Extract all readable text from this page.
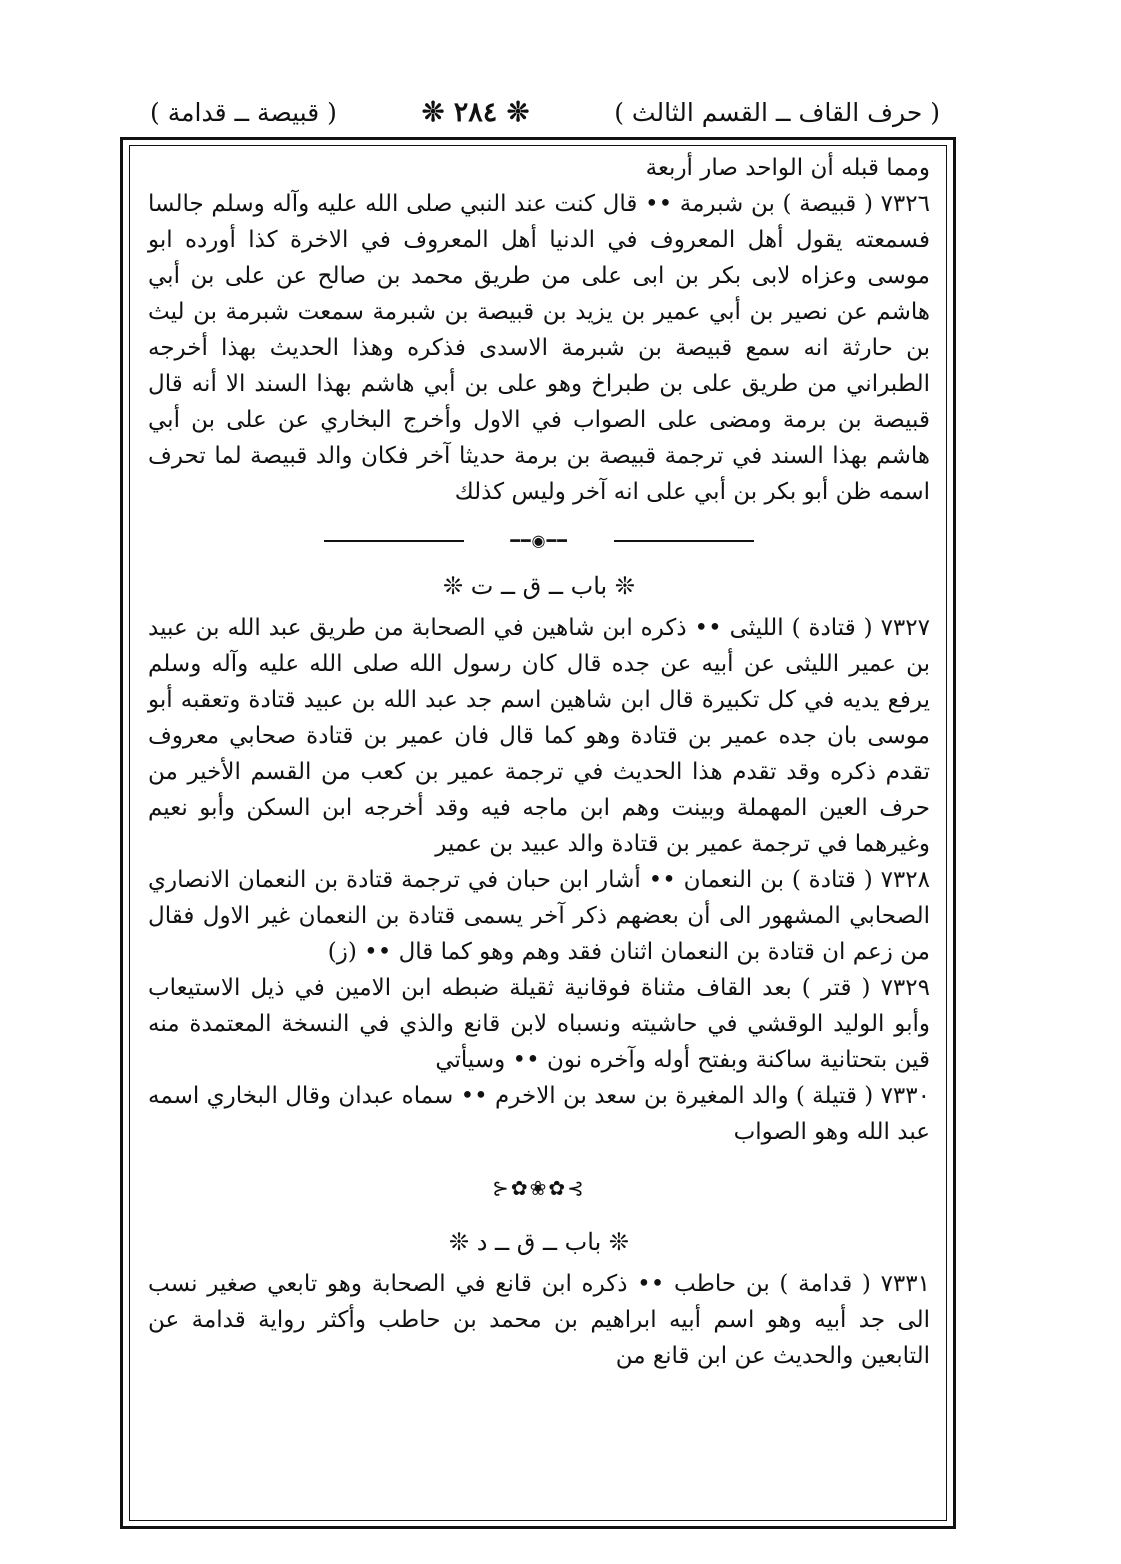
( حرف القاف ــ القسم الثالث )
❊ ٢٨٤ ❊
( قبيصة ــ قدامة )

ومما قبله أن الواحد صار أربعة

٧٣٢٦ ( قبيصة ) بن شبرمة •• قال كنت عند النبي صلى الله عليه وآله وسلم جالسا فسمعته يقول أهل المعروف في الدنيا أهل المعروف في الاخرة كذا أورده ابو موسى وعزاه لابى بكر بن ابى على من طريق محمد بن صالح عن على بن أبي هاشم عن نصير بن أبي عمير بن يزيد بن قبيصة بن شبرمة سمعت شبرمة بن ليث بن حارثة انه سمع قبيصة بن شبرمة الاسدى فذكره وهذا الحديث بهذا أخرجه الطبراني من طريق على بن طبراخ وهو على بن أبي هاشم بهذا السند الا أنه قال قبيصة بن برمة ومضى على الصواب في الاول وأخرج البخاري عن على بن أبي هاشم بهذا السند في ترجمة قبيصة بن برمة حديثا آخر فكان والد قبيصة لما تحرف اسمه ظن أبو بكر بن أبي على انه آخر وليس كذلك

━━◉━━
❊ باب ــ ق ــ ت ❊

٧٣٢٧ ( قتادة ) الليثى •• ذكره ابن شاهين في الصحابة من طريق عبد الله بن عبيد بن عمير الليثى عن أبيه عن جده قال كان رسول الله صلى الله عليه وآله وسلم يرفع يديه في كل تكبيرة قال ابن شاهين اسم جد عبد الله بن عبيد قتادة وتعقبه أبو موسى بان جده عمير بن قتادة وهو كما قال فان عمير بن قتادة صحابي معروف تقدم ذكره وقد تقدم هذا الحديث في ترجمة عمير بن كعب من القسم الأخير من حرف العين المهملة وبينت وهم ابن ماجه فيه وقد أخرجه ابن السكن وأبو نعيم وغيرهما في ترجمة عمير بن قتادة والد عبيد بن عمير

٧٣٢٨ ( قتادة ) بن النعمان •• أشار ابن حبان في ترجمة قتادة بن النعمان الانصاري الصحابي المشهور الى أن بعضهم ذكر آخر يسمى قتادة بن النعمان غير الاول فقال من زعم ان قتادة بن النعمان اثنان فقد وهم وهو كما قال •• (ز)

٧٣٢٩ ( قتر ) بعد القاف مثناة فوقانية ثقيلة ضبطه ابن الامين في ذيل الاستيعاب وأبو الوليد الوقشي في حاشيته ونسباه لابن قانع والذي في النسخة المعتمدة منه قين بتحتانية ساكنة وبفتح أوله وآخره نون •• وسيأتي

٧٣٣٠ ( قتيلة ) والد المغيرة بن سعد بن الاخرم •• سماه عبدان وقال البخاري اسمه عبد الله وهو الصواب

⊱✿❀✿⊰
❊ باب ــ ق ــ د ❊

٧٣٣١ ( قدامة ) بن حاطب •• ذكره ابن قانع في الصحابة وهو تابعي صغير نسب الى جد أبيه وهو اسم أبيه ابراهيم بن محمد بن حاطب وأكثر رواية قدامة عن التابعين والحديث عن ابن قانع من
